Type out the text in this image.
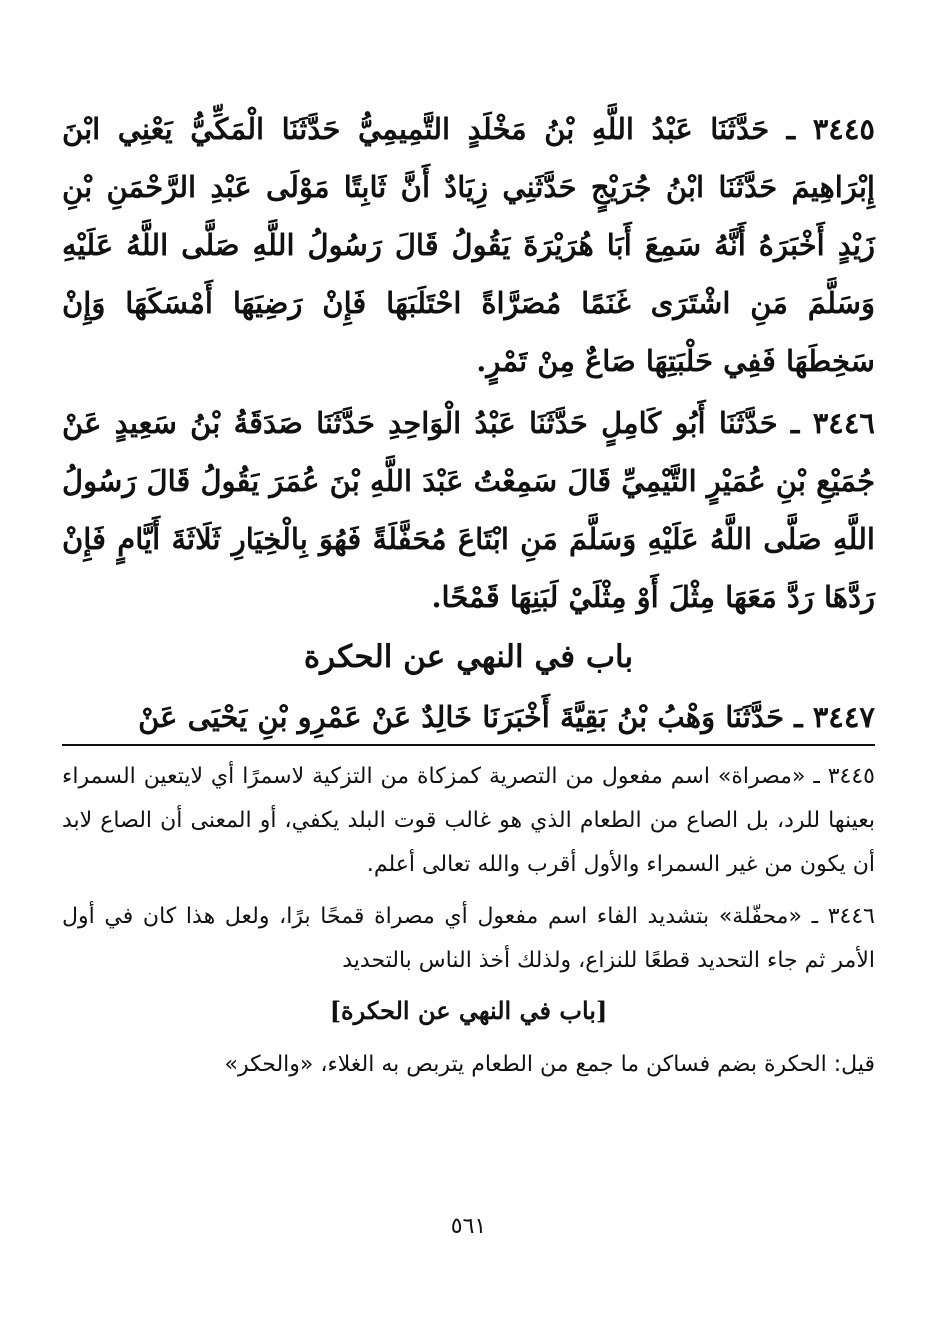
٣٤٤٥ ـ حَدَّثَنَا عَبْدُ اللَّهِ بْنُ مَخْلَدٍ التَّمِيمِيُّ حَدَّثَنَا الْمَكِّيُّ يَعْنِي ابْنَ إِبْرَاهِيمَ حَدَّثَنَا ابْنُ جُرَيْجٍ حَدَّثَنِي زِيَادٌ أَنَّ ثَابِتًا مَوْلَى عَبْدِ الرَّحْمَنِ بْنِ زَيْدٍ أَخْبَرَهُ أَنَّهُ سَمِعَ أَبَا هُرَيْرَةَ يَقُولُ قَالَ رَسُولُ اللَّهِ صَلَّى اللَّهُ عَلَيْهِ وَسَلَّمَ مَنِ اشْتَرَى غَنَمًا مُصَرَّاةً احْتَلَبَهَا فَإِنْ رَضِيَهَا أَمْسَكَهَا وَإِنْ سَخِطَهَا فَفِي حَلْبَتِهَا صَاعٌ مِنْ تَمْرٍ.

٣٤٤٦ ـ حَدَّثَنَا أَبُو كَامِلٍ حَدَّثَنَا عَبْدُ الْوَاحِدِ حَدَّثَنَا صَدَقَةُ بْنُ سَعِيدٍ عَنْ جُمَيْعِ بْنِ عُمَيْرٍ التَّيْمِيِّ قَالَ سَمِعْتُ عَبْدَ اللَّهِ بْنَ عُمَرَ يَقُولُ قَالَ رَسُولُ اللَّهِ صَلَّى اللَّهُ عَلَيْهِ وَسَلَّمَ مَنِ ابْتَاعَ مُحَفَّلَةً فَهُوَ بِالْخِيَارِ ثَلَاثَةَ أَيَّامٍ فَإِنْ رَدَّهَا رَدَّ مَعَهَا مِثْلَ أَوْ مِثْلَيْ لَبَنِهَا قَمْحًا.

باب في النهي عن الحكرة

٣٤٤٧ ـ حَدَّثَنَا وَهْبُ بْنُ بَقِيَّةَ أَخْبَرَنَا خَالِدٌ عَنْ عَمْرِو بْنِ يَحْيَى عَنْ

٣٤٤٥ ـ «مصراة» اسم مفعول من التصرية كمزكاة من التزكية لاسمرًا أي لايتعين السمراء بعينها للرد، بل الصاع من الطعام الذي هو غالب قوت البلد يكفي، أو المعنى أن الصاع لابد أن يكون من غير السمراء والأول أقرب والله تعالى أعلم.

٣٤٤٦ ـ «محفّلة» بتشديد الفاء اسم مفعول أي مصراة قمحًا برًا، ولعل هذا كان في أول الأمر ثم جاء التحديد قطعًا للنزاع، ولذلك أخذ الناس بالتحديد

[باب في النهي عن الحكرة]

قيل: الحكرة بضم فساكن ما جمع من الطعام يتربص به الغلاء، «والحكر»

٥٦١
